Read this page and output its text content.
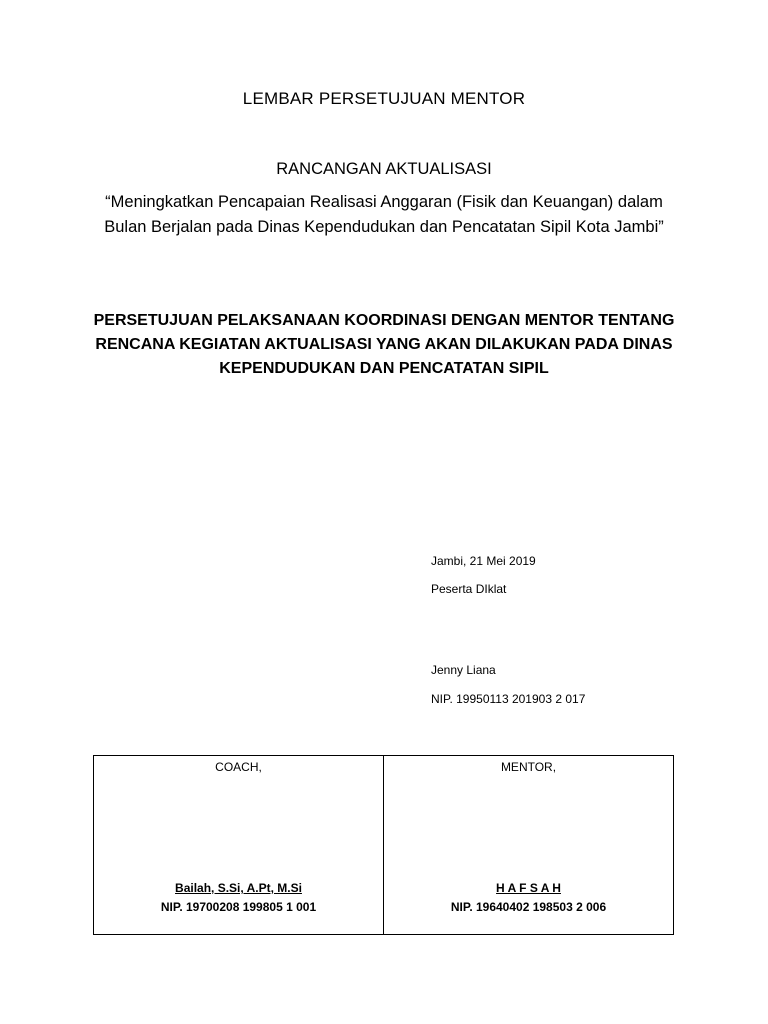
LEMBAR PERSETUJUAN MENTOR
RANCANGAN AKTUALISASI
“Meningkatkan Pencapaian Realisasi Anggaran (Fisik dan Keuangan) dalam Bulan Berjalan pada Dinas Kependudukan dan Pencatatan Sipil Kota Jambi”
PERSETUJUAN PELAKSANAAN KOORDINASI DENGAN MENTOR TENTANG RENCANA KEGIATAN AKTUALISASI YANG AKAN DILAKUKAN PADA DINAS KEPENDUDUKAN DAN PENCATATAN SIPIL
Jambi, 21 Mei 2019
Peserta DIklat
Jenny Liana
NIP. 19950113 201903 2 017
COACH,
Bailah, S.Si, A.Pt, M.Si
NIP. 19700208 199805 1 001
MENTOR,
H A F S A H
NIP. 19640402 198503 2 006
